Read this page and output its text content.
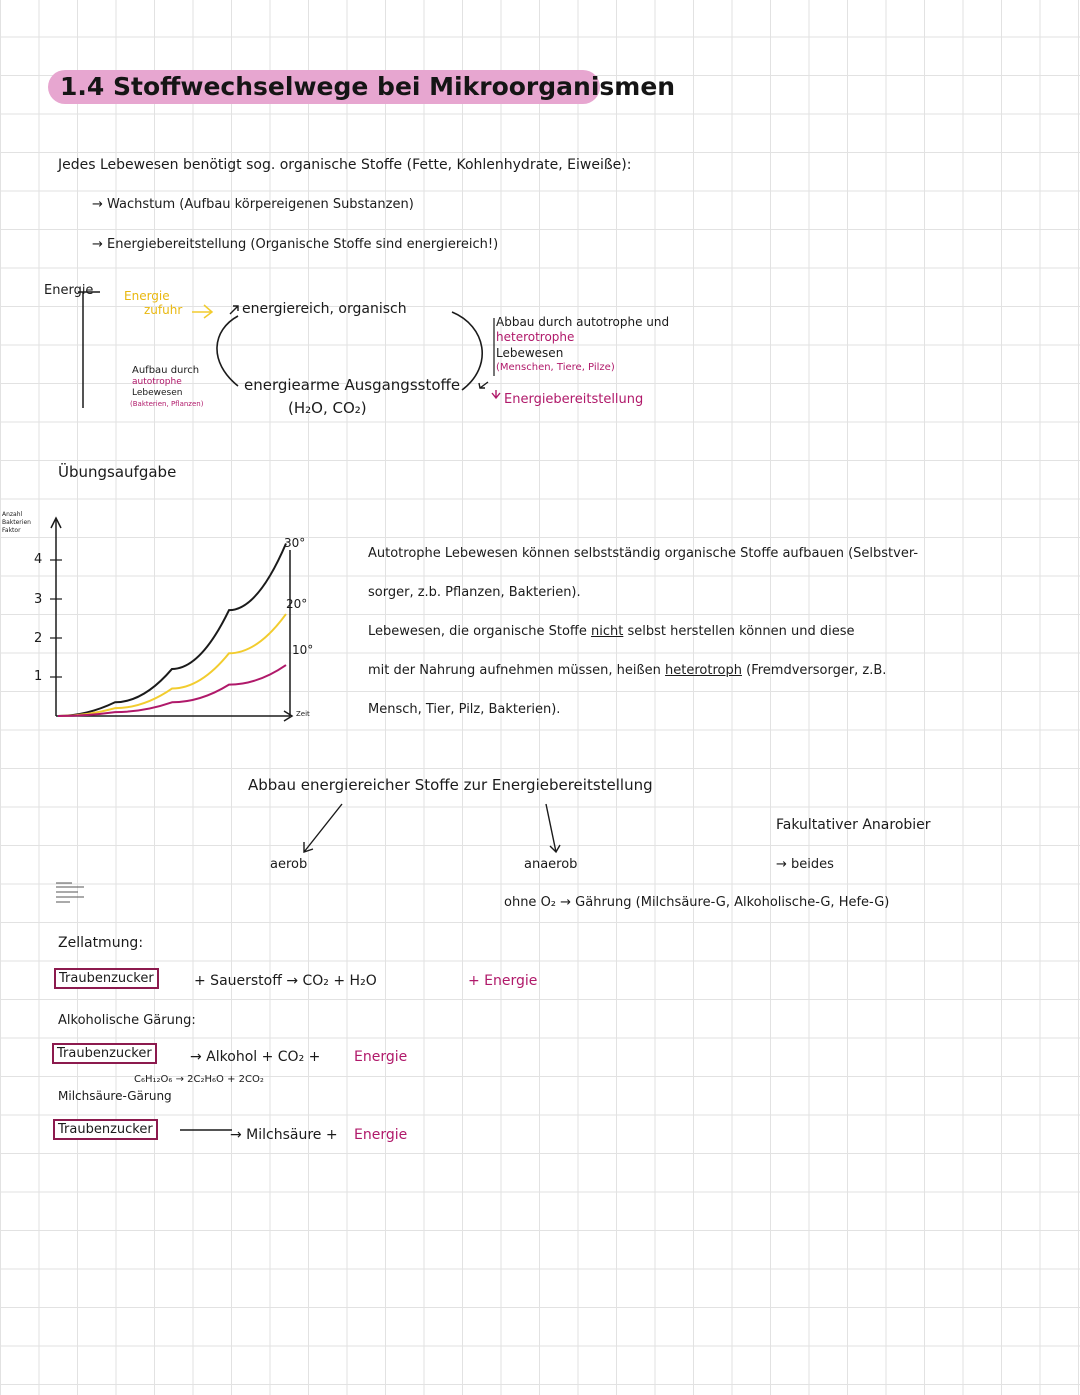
1.4 Stoffwechselwege bei Mikroorganismen
Jedes Lebewesen benötigt sog. organische Stoffe (Fette, Kohlenhydrate, Eiweiße):
→ Wachstum (Aufbau körpereigenen Substanzen)
→ Energiebereitstellung (Organische Stoffe sind energiereich!)
Energie	Energie
zufuhr	energiereich, organisch
energiearme Ausgangsstoffe
(H₂O, CO₂)
Aufbau durch
autotrophe
Lebewesen
(Bakterien, Pflanzen)
Abbau durch autotrophe und
heterotrophe
Lebewesen
(Menschen, Tiere, Pilze)
Energiebereitstellung
Übungsaufgabe
Anzahl
Bakterien
Faktor
4
3
2
1
30°
20°
10°
Zeit
Autotrophe Lebewesen können selbstständig organische Stoffe aufbauen (Selbstver-
sorger, z.b. Pflanzen, Bakterien).
Lebewesen, die organische Stoffe nicht selbst herstellen können und diese
mit der Nahrung aufnehmen müssen, heißen heterotroph (Fremdversorger, z.B.
Mensch, Tier, Pilz, Bakterien).
Abbau energiereicher Stoffe zur Energiebereitstellung
aerob	anaerob
Fakultativer Anarobier
→ beides
ohne O₂ → Gährung (Milchsäure-G, Alkoholische-G, Hefe-G)
Zellatmung:
Traubenzucker	+ Sauerstoff → CO₂ + H₂O	+ Energie
Alkoholische Gärung:
Traubenzucker	→ Alkohol + CO₂ + Energie
C₆H₁₂O₆ → 2C₂H₆O + 2CO₂
Milchsäure-Gärung
Traubenzucker	→ Milchsäure + Energie
